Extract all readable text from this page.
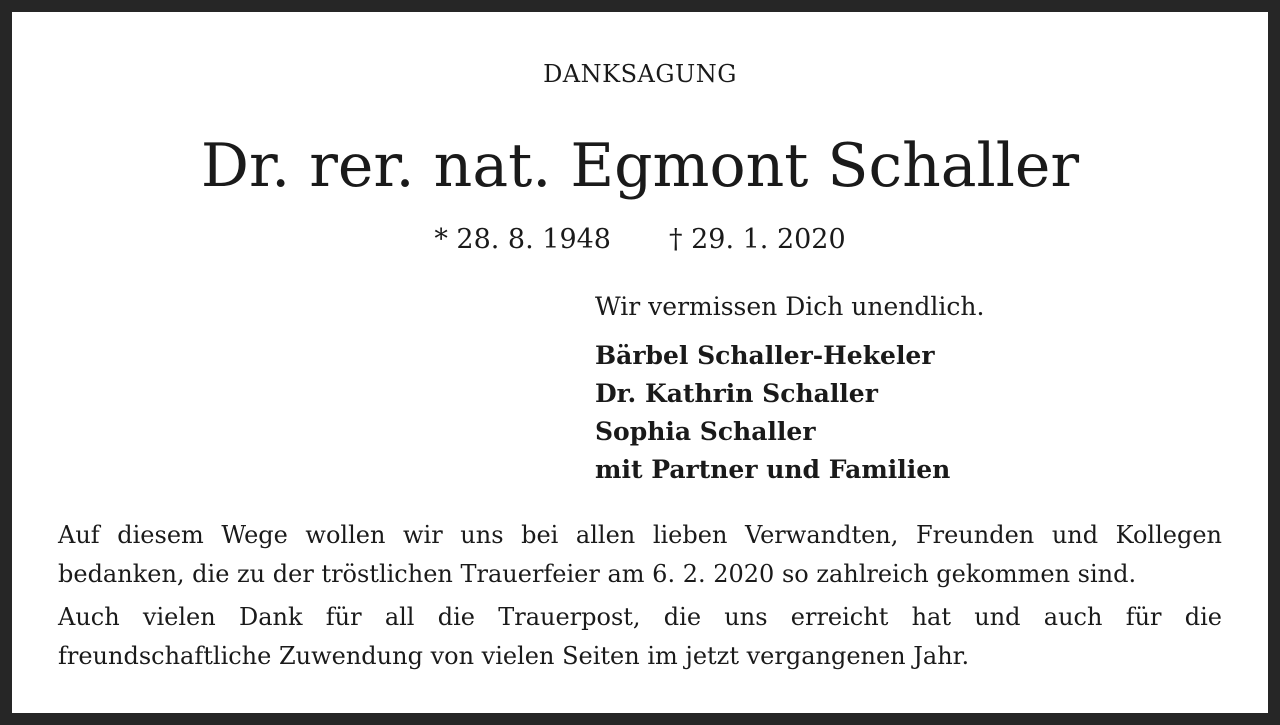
DANKSAGUNG
Dr. rer. nat. Egmont Schaller
* 28. 8. 1948 † 29. 1. 2020
Wir vermissen Dich unendlich.
Bärbel Schaller-Hekeler
Dr. Kathrin Schaller
Sophia Schaller
mit Partner und Familien

Auf diesem Wege wollen wir uns bei allen lieben Verwandten, Freunden und Kollegen bedanken, die zu der tröstlichen Trauerfeier am 6. 2. 2020 so zahlreich gekommen sind.

Auch vielen Dank für all die Trauerpost, die uns erreicht hat und auch für die freundschaftliche Zuwendung von vielen Seiten im jetzt vergangenen Jahr.
